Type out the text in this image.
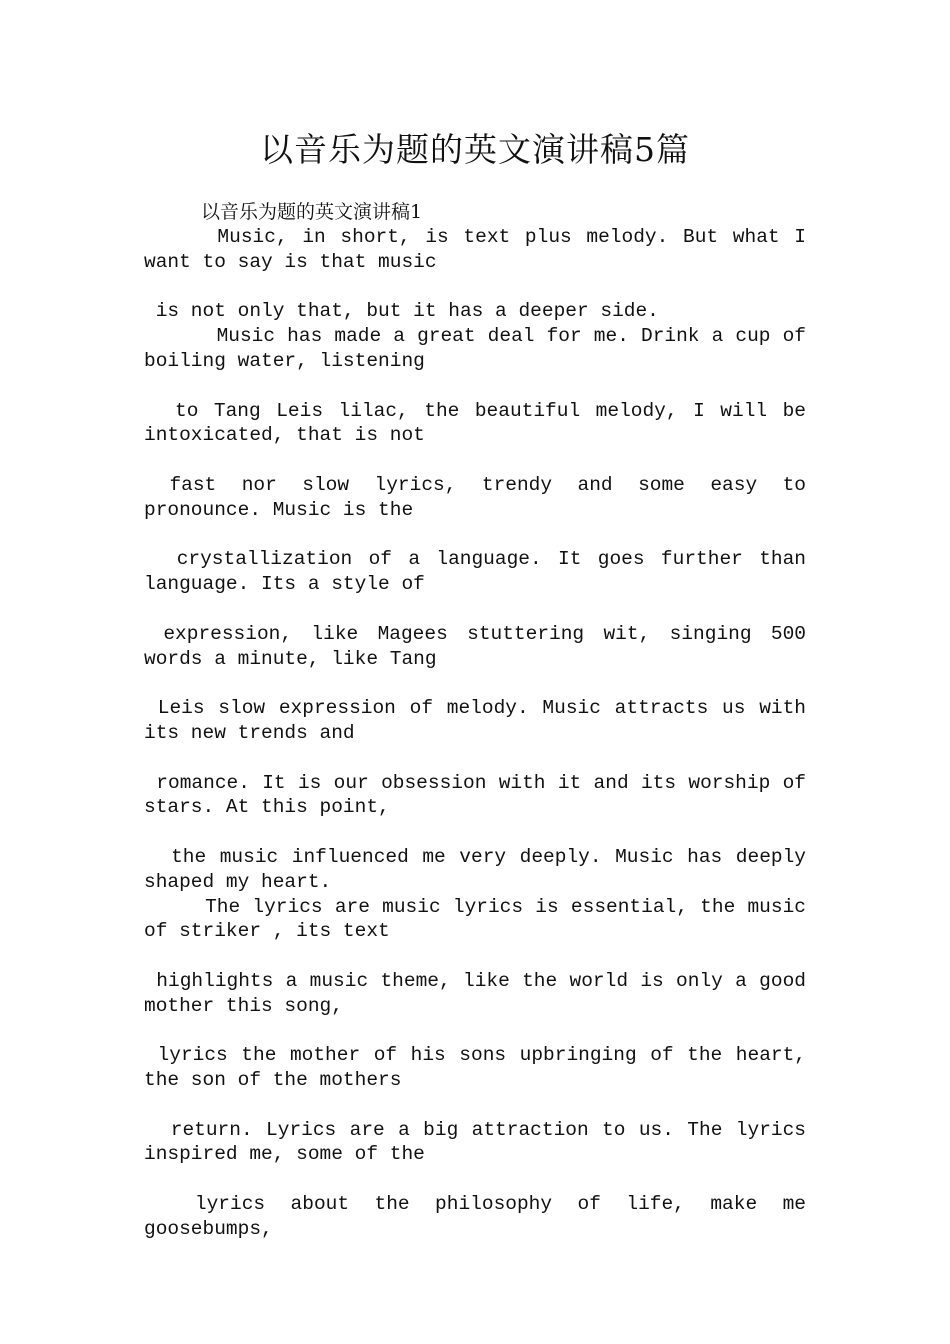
以音乐为题的英文演讲稿5篇
以音乐为题的英文演讲稿1

Music, in short, is text plus melody. But what I want to say is that music

is not only that, but it has a deeper side.

Music has made a great deal for me. Drink a cup of boiling water, listening

to Tang Leis lilac, the beautiful melody, I will be intoxicated, that is not

fast nor slow lyrics, trendy and some easy to pronounce. Music is the

crystallization of a language. It goes further than language. Its a style of

expression, like Magees stuttering wit, singing 500 words a minute, like Tang

Leis slow expression of melody. Music attracts us with its new trends and

romance. It is our obsession with it and its worship of stars. At this point,

the music influenced me very deeply. Music has deeply shaped my heart.

The lyrics are music lyrics is essential, the music of striker , its text

highlights a music theme, like the world is only a good mother this song,

lyrics the mother of his sons upbringing of the heart, the son of the mothers

return. Lyrics are a big attraction to us. The lyrics inspired me, some of the

lyrics about the philosophy of life, make me goosebumps,
